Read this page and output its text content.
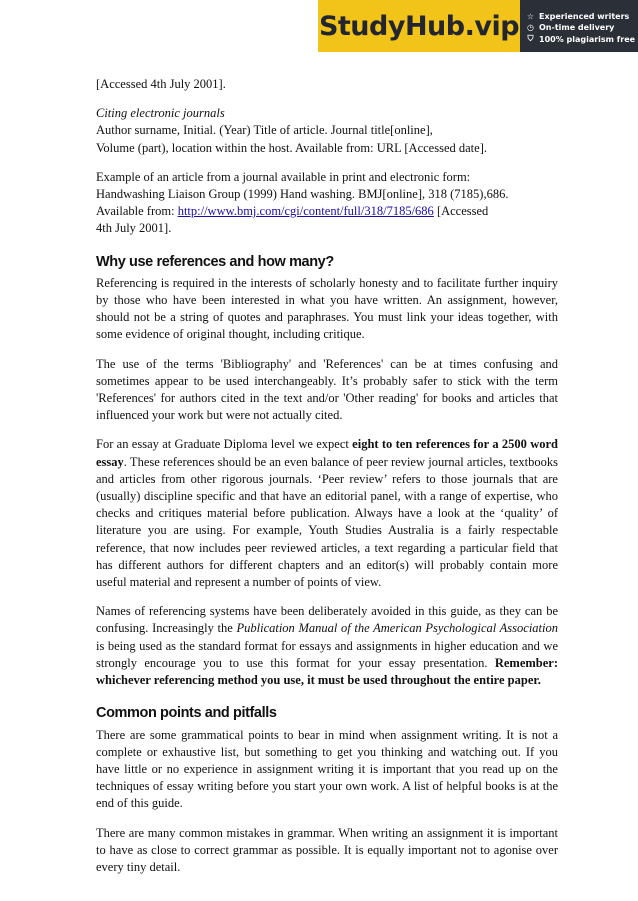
StudyHub.vip ☆ Experienced writers
◷ On-time delivery
⛉ 100% plagiarism free

[Accessed 4th July 2001].

Citing electronic journals
Author surname, Initial. (Year) Title of article. Journal title[online],
Volume (part), location within the host. Available from: URL [Accessed date].

Example of an article from a journal available in print and electronic form:
Handwashing Liaison Group (1999) Hand washing. BMJ[online], 318 (7185),686.
Available from: http://www.bmj.com/cgi/content/full/318/7185/686 [Accessed
4th July 2001].

Why use references and how many?

Referencing is required in the interests of scholarly honesty and to facilitate further inquiry by those who have been interested in what you have written. An assignment, however, should not be a string of quotes and paraphrases. You must link your ideas together, with some evidence of original thought, including critique.

The use of the terms 'Bibliography' and 'References' can be at times confusing and sometimes appear to be used interchangeably. It’s probably safer to stick with the term 'References' for authors cited in the text and/or 'Other reading' for books and articles that influenced your work but were not actually cited.

For an essay at Graduate Diploma level we expect eight to ten references for a 2500 word essay. These references should be an even balance of peer review journal articles, textbooks and articles from other rigorous journals. ‘Peer review’ refers to those journals that are (usually) discipline specific and that have an editorial panel, with a range of expertise, who checks and critiques material before publication. Always have a look at the ‘quality’ of literature you are using. For example, Youth Studies Australia is a fairly respectable reference, that now includes peer reviewed articles, a text regarding a particular field that has different authors for different chapters and an editor(s) will probably contain more useful material and represent a number of points of view.

Names of referencing systems have been deliberately avoided in this guide, as they can be confusing. Increasingly the Publication Manual of the American Psychological Association is being used as the standard format for essays and assignments in higher education and we strongly encourage you to use this format for your essay presentation. Remember: whichever referencing method you use, it must be used throughout the entire paper.

Common points and pitfalls

There are some grammatical points to bear in mind when assignment writing. It is not a complete or exhaustive list, but something to get you thinking and watching out. If you have little or no experience in assignment writing it is important that you read up on the techniques of essay writing before you start your own work. A list of helpful books is at the end of this guide.

There are many common mistakes in grammar. When writing an assignment it is important to have as close to correct grammar as possible. It is equally important not to agonise over every tiny detail.
